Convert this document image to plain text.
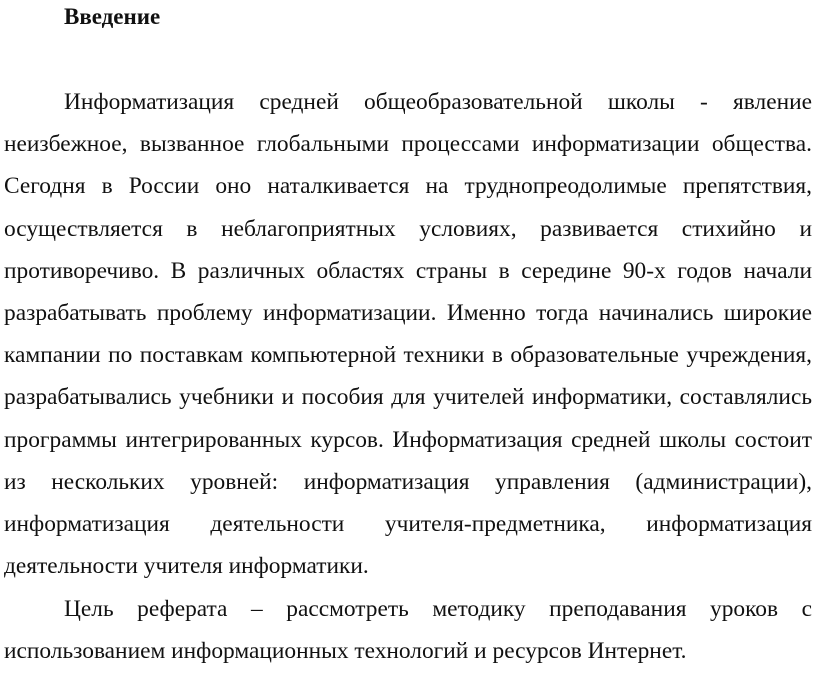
Введение

Информатизация средней общеобразовательной школы - явление неизбежное, вызванное глобальными процессами информатизации общества. Сегодня в России оно наталкивается на труднопреодолимые препятствия, осуществляется в неблагоприятных условиях, развивается стихийно и противоречиво. В различных областях страны в середине 90-х годов начали разрабатывать проблему информатизации. Именно тогда начинались широкие кампании по поставкам компьютерной техники в образовательные учреждения, разрабатывались учебники и пособия для учителей информатики, составлялись программы интегрированных курсов. Информатизация средней школы состоит из нескольких уровней: информатизация управления (администрации), информатизация деятельности учителя-предметника, информатизация деятельности учителя информатики.

Цель реферата – рассмотреть методику преподавания уроков с использованием информационных технологий и ресурсов Интернет.
